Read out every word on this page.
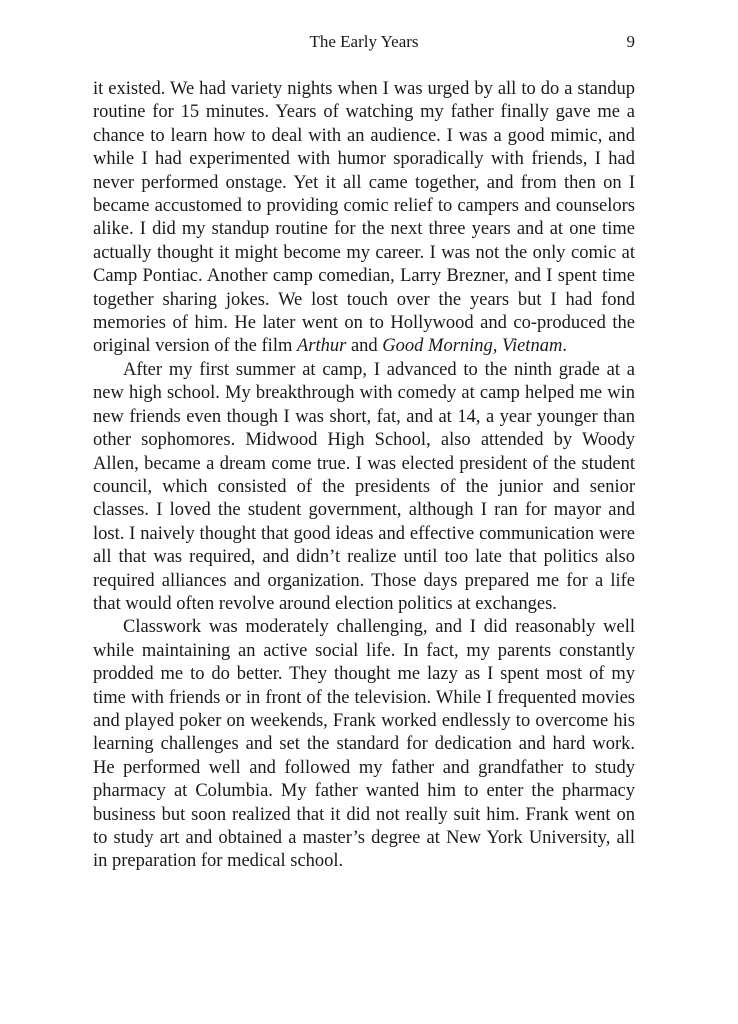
The Early Years	9

it existed. We had variety nights when I was urged by all to do a standup routine for 15 minutes. Years of watching my father finally gave me a chance to learn how to deal with an audience. I was a good mimic, and while I had experimented with humor sporadically with friends, I had never performed onstage. Yet it all came together, and from then on I became accustomed to providing comic relief to campers and counselors alike. I did my standup routine for the next three years and at one time actually thought it might become my career. I was not the only comic at Camp Pontiac. Another camp comedian, Larry Brezner, and I spent time together sharing jokes. We lost touch over the years but I had fond memories of him. He later went on to Hollywood and co-produced the original version of the film Arthur and Good Morning, Vietnam.

After my first summer at camp, I advanced to the ninth grade at a new high school. My breakthrough with comedy at camp helped me win new friends even though I was short, fat, and at 14, a year younger than other sophomores. Midwood High School, also attended by Woody Allen, became a dream come true. I was elected president of the student council, which consisted of the presidents of the junior and senior classes. I loved the student government, although I ran for mayor and lost. I naively thought that good ideas and effective communication were all that was required, and didn’t realize until too late that politics also required alliances and organization. Those days prepared me for a life that would often revolve around election politics at exchanges.

Classwork was moderately challenging, and I did reasonably well while maintaining an active social life. In fact, my parents constantly prodded me to do better. They thought me lazy as I spent most of my time with friends or in front of the television. While I frequented movies and played poker on weekends, Frank worked endlessly to overcome his learning challenges and set the standard for dedication and hard work. He performed well and followed my father and grandfather to study pharmacy at Columbia. My father wanted him to enter the pharmacy business but soon realized that it did not really suit him. Frank went on to study art and obtained a master’s degree at New York University, all in preparation for medical school.
